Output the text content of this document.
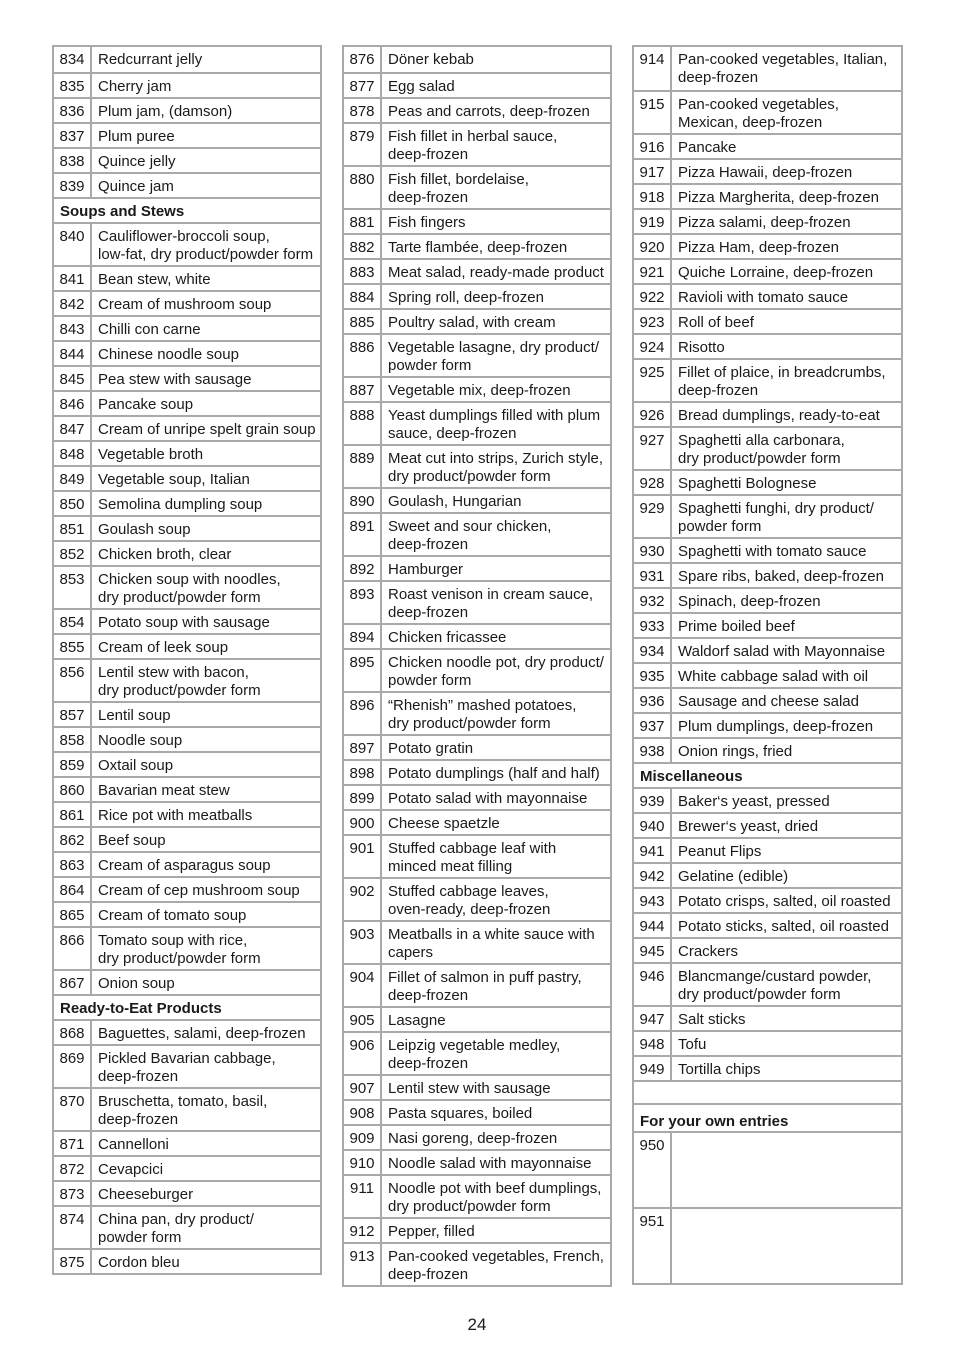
834 Redcurrant jelly
835 Cherry jam
836 Plum jam, (damson)
837 Plum puree
838 Quince jelly
839 Quince jam
Soups and Stews
840 Cauliflower-broccoli soup,
low-fat, dry product/powder form
841 Bean stew, white
842 Cream of mushroom soup
843 Chilli con carne
844 Chinese noodle soup
845 Pea stew with sausage
846 Pancake soup
847 Cream of unripe spelt grain soup
848 Vegetable broth
849 Vegetable soup, Italian
850 Semolina dumpling soup
851 Goulash soup
852 Chicken broth, clear
853 Chicken soup with noodles,
dry product/powder form
854 Potato soup with sausage
855 Cream of leek soup
856 Lentil stew with bacon,
dry product/powder form
857 Lentil soup
858 Noodle soup
859 Oxtail soup
860 Bavarian meat stew
861 Rice pot with meatballs
862 Beef soup
863 Cream of asparagus soup
864 Cream of cep mushroom soup
865 Cream of tomato soup
866 Tomato soup with rice,
dry product/powder form
867 Onion soup
Ready-to-Eat Products
868 Baguettes, salami, deep-frozen
869 Pickled Bavarian cabbage,
deep-frozen
870 Bruschetta, tomato, basil,
deep-frozen
871 Cannelloni
872 Cevapcici
873 Cheeseburger
874 China pan, dry product/
powder form
875 Cordon bleu
876 Döner kebab
877 Egg salad
878 Peas and carrots, deep-frozen
879 Fish fillet in herbal sauce,
deep-frozen
880 Fish fillet, bordelaise,
deep-frozen
881 Fish fingers
882 Tarte flambée, deep-frozen
883 Meat salad, ready-made product
884 Spring roll, deep-frozen
885 Poultry salad, with cream
886 Vegetable lasagne, dry product/
powder form
887 Vegetable mix, deep-frozen
888 Yeast dumplings filled with plum
sauce, deep-frozen
889 Meat cut into strips, Zurich style,
dry product/powder form
890 Goulash, Hungarian
891 Sweet and sour chicken,
deep-frozen
892 Hamburger
893 Roast venison in cream sauce,
deep-frozen
894 Chicken fricassee
895 Chicken noodle pot, dry product/
powder form
896 “Rhenish” mashed potatoes,
dry product/powder form
897 Potato gratin
898 Potato dumplings (half and half)
899 Potato salad with mayonnaise
900 Cheese spaetzle
901 Stuffed cabbage leaf with
minced meat filling
902 Stuffed cabbage leaves,
oven-ready, deep-frozen
903 Meatballs in a white sauce with
capers
904 Fillet of salmon in puff pastry,
deep-frozen
905 Lasagne
906 Leipzig vegetable medley,
deep-frozen
907 Lentil stew with sausage
908 Pasta squares, boiled
909 Nasi goreng, deep-frozen
910 Noodle salad with mayonnaise
911 Noodle pot with beef dumplings,
dry product/powder form
912 Pepper, filled
913 Pan-cooked vegetables, French,
deep-frozen
914 Pan-cooked vegetables, Italian,
deep-frozen
915 Pan-cooked vegetables,
Mexican, deep-frozen
916 Pancake
917 Pizza Hawaii, deep-frozen
918 Pizza Margherita, deep-frozen
919 Pizza salami, deep-frozen
920 Pizza Ham, deep-frozen
921 Quiche Lorraine, deep-frozen
922 Ravioli with tomato sauce
923 Roll of beef
924 Risotto
925 Fillet of plaice, in breadcrumbs,
deep-frozen
926 Bread dumplings, ready-to-eat
927 Spaghetti alla carbonara,
dry product/powder form
928 Spaghetti Bolognese
929 Spaghetti funghi, dry product/
powder form
930 Spaghetti with tomato sauce
931 Spare ribs, baked, deep-frozen
932 Spinach, deep-frozen
933 Prime boiled beef
934 Waldorf salad with Mayonnaise
935 White cabbage salad with oil
936 Sausage and cheese salad
937 Plum dumplings, deep-frozen
938 Onion rings, fried
Miscellaneous
939 Baker‘s yeast, pressed
940 Brewer‘s yeast, dried
941 Peanut Flips
942 Gelatine (edible)
943 Potato crisps, salted, oil roasted
944 Potato sticks, salted, oil roasted
945 Crackers
946 Blancmange/custard powder,
dry product/powder form
947 Salt sticks
948 Tofu
949 Tortilla chips
For your own entries
950
951
24
